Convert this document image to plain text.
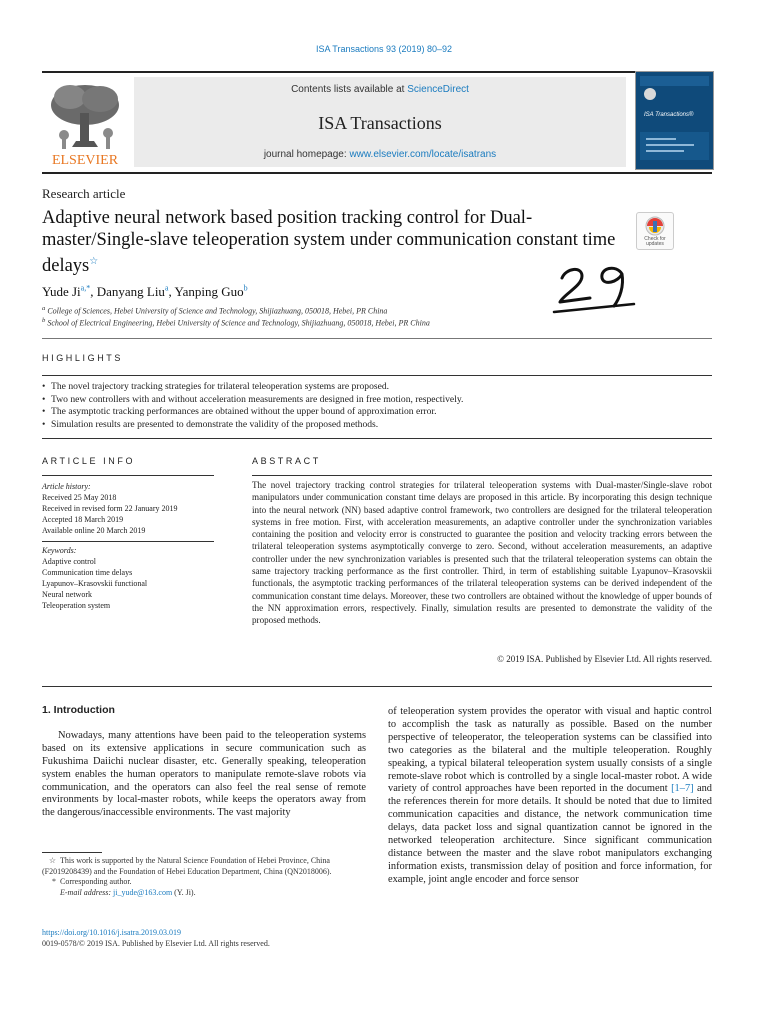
ISA Transactions 93 (2019) 80–92
ELSEVIER
Contents lists available at ScienceDirect
ISA Transactions
journal homepage: www.elsevier.com/locate/isatrans
ISA Transactions®
Research article
Adaptive neural network based position tracking control for Dual-master/Single-slave teleoperation system under communication constant time delays☆
Check for updates
Yude $Ji^{a,*}$, Danyang Liu$^a$, Yanping Guo$^b$
$^a$ College of Sciences, Hebei University of Science and Technology, Shijiazhuang, 050018, Hebei, PR China
$^b$ School of Electrical Engineering, Hebei University of Science and Technology, Shijiazhuang, 050018, Hebei, PR China
HIGHLIGHTS
• The novel trajectory tracking strategies for trilateral teleoperation systems are proposed.
• Two new controllers with and without acceleration measurements are designed in free motion, respectively.
• The asymptotic tracking performances are obtained without the upper bound of approximation error.
• Simulation results are presented to demonstrate the validity of the proposed methods.
ARTICLE INFO
Article history:
Received 25 May 2018
Received in revised form 22 January 2019
Accepted 18 March 2019
Available online 20 March 2019
Keywords:
Adaptive control
Communication time delays
Lyapunov–Krasovskii functional
Neural network
Teleoperation system
ABSTRACT

The novel trajectory tracking control strategies for trilateral teleoperation systems with Dual-master/Single-slave robot manipulators under communication constant time delays are proposed in this article. By incorporating this design technique into the neural network (NN) based adaptive control framework, two controllers are designed for the trilateral teleoperation systems in free motion. First, with acceleration measurements, an adaptive controller under the synchronization variables containing the position and velocity error is constructed to guarantee the position and velocity tracking errors between the trilateral teleoperation systems asymptotically converge to zero. Second, without acceleration measurements, an adaptive controller under the new synchronization variables is presented such that the trilateral teleoperation systems can obtain the same trajectory tracking performance as the first controller. Third, in term of establishing suitable Lyapunov–Krasovskii functionals, the asymptotic tracking performances of the trilateral teleoperation systems can be derived independent of the communication constant time delays. Moreover, these two controllers are obtained without the knowledge of upper bounds of the NN approximation errors, respectively. Finally, simulation results are presented to demonstrate the validity of the proposed methods.

© 2019 ISA. Published by Elsevier Ltd. All rights reserved.
1. Introduction

Nowadays, many attentions have been paid to the teleoperation systems based on its extensive applications in secure communication such as Fukushima Daiichi nuclear disaster, etc. Generally speaking, teleoperation system enables the human operators to manipulate remote-slave robots via communication, and the operators can also feel the real sense of remote environments by local-master robots, while keeps the operators away from the dangerous/inaccessible environments. The vast majority

of teleoperation system provides the operator with visual and haptic control to accomplish the task as naturally as possible. Based on the number perspective of teleoperator, the teleoperation systems can be classified into two categories as the bilateral and the multiple teleoperation. Roughly speaking, a typical bilateral teleoperation system usually consists of a single remote-slave robot which is controlled by a single local-master robot. A wide variety of control approaches have been reported in the document [1–7] and the references therein for more details. It should be noted that due to limited communication capacities and distance, the network communication time delays, data packet loss and signal quantization cannot be ignored in the networked teleoperation architecture. Since significant communication distance between the master and the slave robot manipulators exchanging information exists, transmission delay of position and force information, for example, joint angle encoder and force sensor

☆ This work is supported by the Natural Science Foundation of Hebei Province, China (F2019208439) and the Foundation of Hebei Education Department, China (QN2018006).
* Corresponding author.
E-mail address: ji_yude@163.com (Y. Ji).
https://doi.org/10.1016/j.isatra.2019.03.019
0019-0578/© 2019 ISA. Published by Elsevier Ltd. All rights reserved.
